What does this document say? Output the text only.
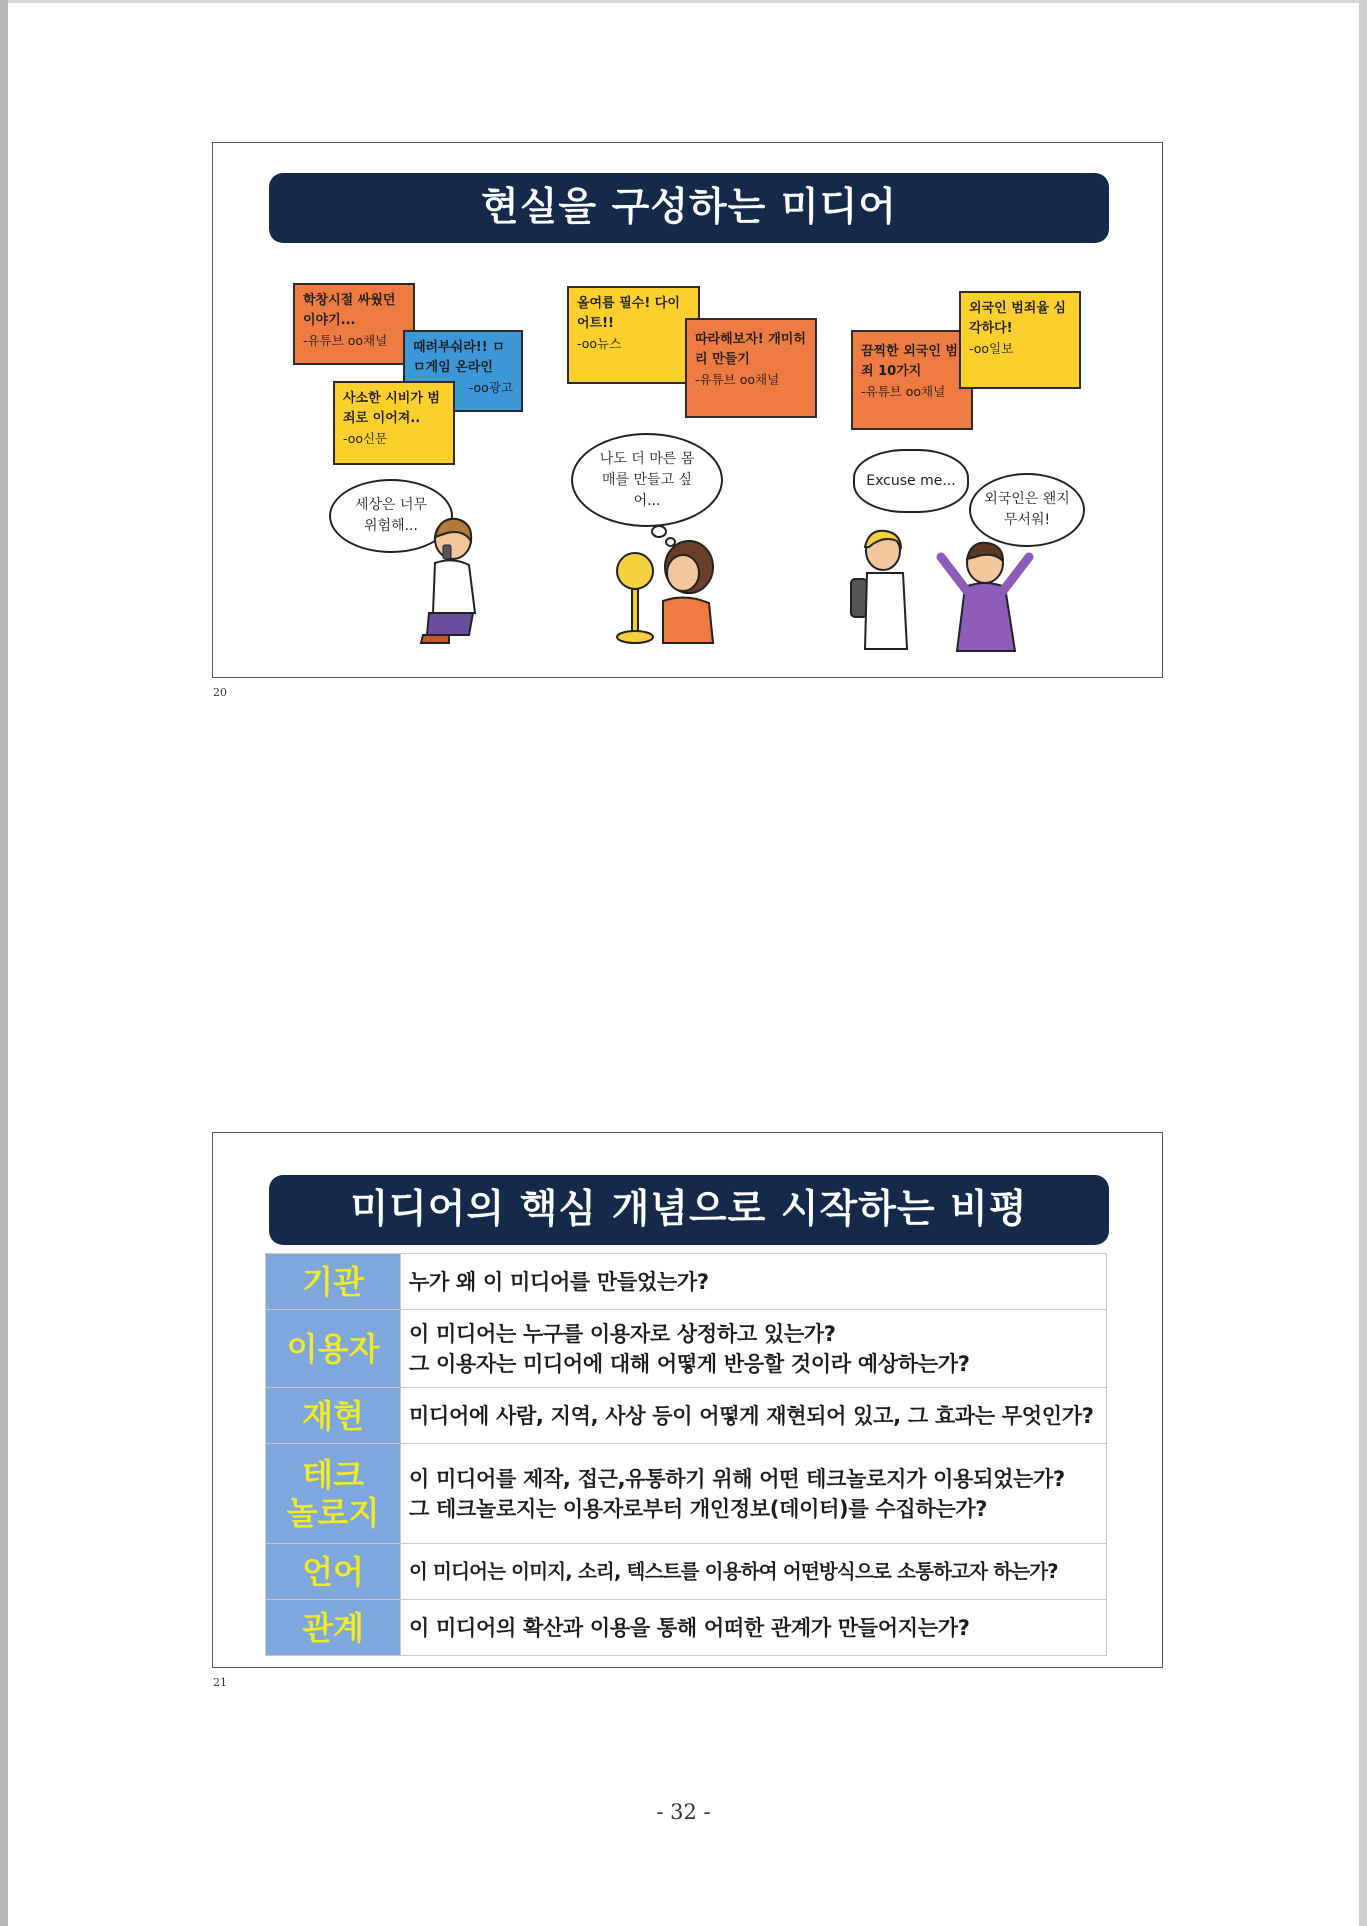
현실을 구성하는 미디어
학창시절 싸웠던 이야기...
-유튜브 oo채널	때려부숴라!! ㅁㅁ게임 온라인
-oo광고
사소한 시비가 범죄로 이어져..
-oo신문
올여름 필수! 다이어트!!
-oo뉴스	따라해보자! 개미허리 만들기
-유튜브 oo채널
끔찍한 외국인 범죄 10가지
-유튜브 oo채널
외국인 범죄율 심각하다!
-oo일보
세상은 너무 위험해...
나도 더 마른 몸매를 만들고 싶어...
Excuse me...
외국인은 왠지 무서워!
20
미디어의 핵심 개념으로 시작하는 비평
기관	누가 왜 이 미디어를 만들었는가?

이용자	이 미디어는 누구를 이용자로 상정하고 있는가?
그 이용자는 미디어에 대해 어떻게 반응할 것이라 예상하는가?

재현	미디어에 사람, 지역, 사상 등이 어떻게 재현되어 있고, 그 효과는 무엇인가?

테크 놀로지	이 미디어를 제작, 접근,유통하기 위해 어떤 테크놀로지가 이용되었는가?
그 테크놀로지는 이용자로부터 개인정보(데이터)를 수집하는가?

언어	이 미디어는 이미지, 소리, 텍스트를 이용하여 어떤방식으로 소통하고자 하는가?

관계	이 미디어의 확산과 이용을 통해 어떠한 관계가 만들어지는가?
21
- 32 -
